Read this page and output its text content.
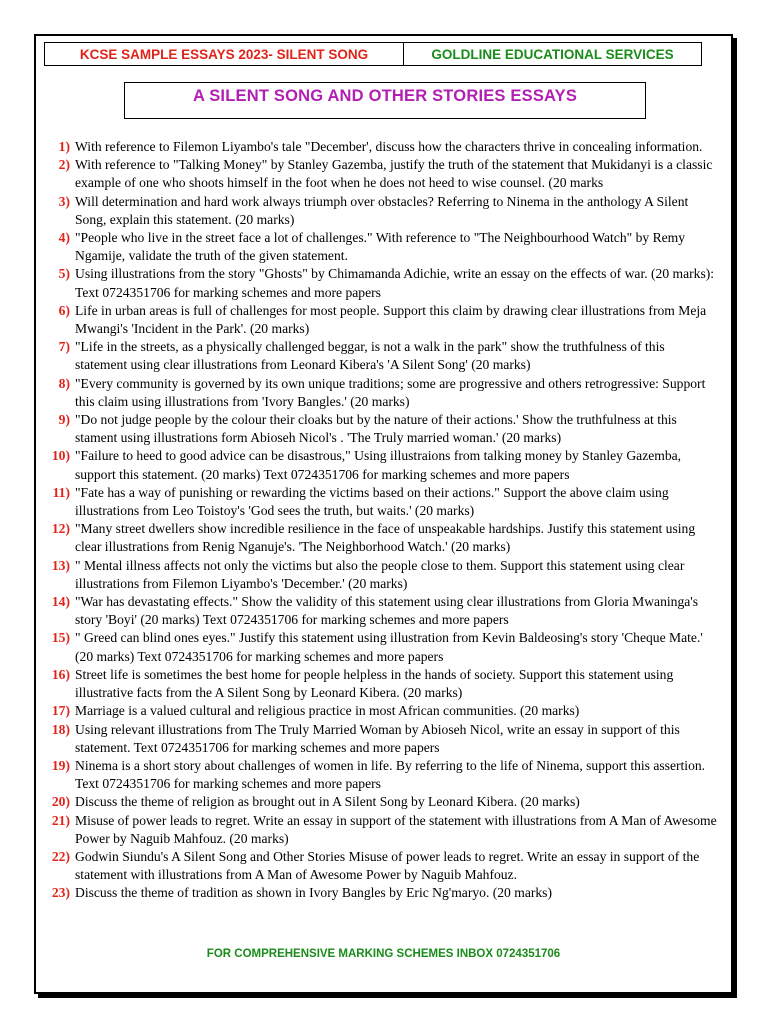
KCSE SAMPLE ESSAYS 2023- SILENT SONG	GOLDLINE EDUCATIONAL SERVICES
A SILENT SONG AND OTHER STORIES ESSAYS
1) With reference to Filemon Liyambo's tale "December', discuss how the characters thrive in concealing information.
2) With reference to "Talking Money" by Stanley Gazemba, justify the truth of the statement that Mukidanyi is a classic example of one who shoots himself in the foot when he does not heed to wise counsel. (20 marks
3) Will determination and hard work always triumph over obstacles? Referring to Ninema in the anthology A Silent Song, explain this statement. (20 marks)
4) "People who live in the street face a lot of challenges." With reference to "The Neighbourhood Watch" by Remy Ngamije, validate the truth of the given statement.
5) Using illustrations from the story "Ghosts" by Chimamanda Adichie, write an essay on the effects of war. (20 marks): Text 0724351706 for marking schemes and more papers
6) Life in urban areas is full of challenges for most people. Support this claim by drawing clear illustrations from Meja Mwangi's 'Incident in the Park'. (20 marks)
7) "Life in the streets, as a physically challenged beggar, is not a walk in the park" show the truthfulness of this statement using clear illustrations from Leonard Kibera's 'A Silent Song' (20 marks)
8) "Every community is governed by its own unique traditions; some are progressive and others retrogressive: Support this claim using illustrations from 'Ivory Bangles.' (20 marks)
9) "Do not judge people by the colour their cloaks but by the nature of their actions.' Show the truthfulness at this stament using illustrations form Abioseh Nicol's . 'The Truly married woman.' (20 marks)
10) "Failure to heed to good advice can be disastrous," Using illustraions from talking money by Stanley Gazemba, support this statement. (20 marks) Text 0724351706 for marking schemes and more papers
11) "Fate has a way of punishing or rewarding the victims based on their actions." Support the above claim using illustrations from Leo Toistoy's 'God sees the truth, but waits.' (20 marks)
12) "Many street dwellers show incredible resilience in the face of unspeakable hardships. Justify this statement using clear illustrations from Renig Nganuje's. 'The Neighborhood Watch.' (20 marks)
13) " Mental illness affects not only the victims but also the people close to them. Support this statement using clear illustrations from Filemon Liyambo's 'December.' (20 marks)
14) "War has devastating effects." Show the validity of this statement using clear illustrations from Gloria Mwaninga's story 'Boyi' (20 marks) Text 0724351706 for marking schemes and more papers
15) " Greed can blind ones eyes." Justify this statement using illustration from Kevin Baldeosing's story 'Cheque Mate.' (20 marks) Text 0724351706 for marking schemes and more papers
16) Street life is sometimes the best home for people helpless in the hands of society. Support this statement using illustrative facts from the A Silent Song by Leonard Kibera. (20 marks)
17) Marriage is a valued cultural and religious practice in most African communities. (20 marks)
18) Using relevant illustrations from The Truly Married Woman by Abioseh Nicol, write an essay in support of this statement. Text 0724351706 for marking schemes and more papers
19) Ninema is a short story about challenges of women in life. By referring to the life of Ninema, support this assertion. Text 0724351706 for marking schemes and more papers
20) Discuss the theme of religion as brought out in A Silent Song by Leonard Kibera. (20 marks)
21) Misuse of power leads to regret. Write an essay in support of the statement with illustrations from A Man of Awesome Power by Naguib Mahfouz. (20 marks)
22) Godwin Siundu's A Silent Song and Other Stories Misuse of power leads to regret. Write an essay in support of the statement with illustrations from A Man of Awesome Power by Naguib Mahfouz.
23) Discuss the theme of tradition as shown in Ivory Bangles by Eric Ng'maryo. (20 marks)
FOR COMPREHENSIVE MARKING SCHEMES INBOX 0724351706
